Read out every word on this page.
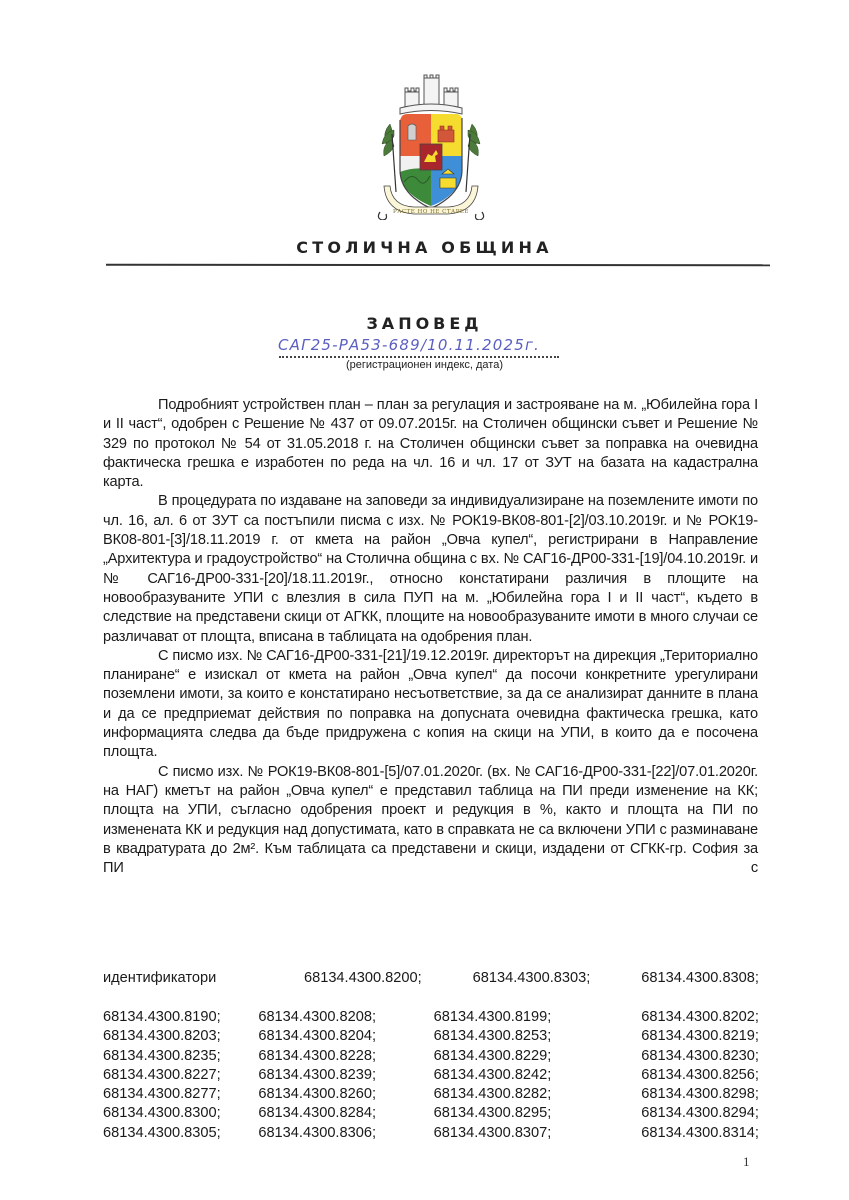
РАСТЕ НО НЕ СТАРЕЕ
СТОЛИЧНА ОБЩИНА
ЗАПОВЕД
САГ25-РА53-689/10.11.2025г.
(регистрационен индекс, дата)

Подробният устройствен план – план за регулация и застрояване на м. „Юбилейна гора I и II част“, одобрен с Решение № 437 от 09.07.2015г. на Столичен общински съвет и Решение № 329 по протокол № 54 от 31.05.2018 г. на Столичен общински съвет за поправка на очевидна фактическа грешка е изработен по реда на чл. 16 и чл. 17 от ЗУТ на базата на кадастрална карта.

В процедурата по издаване на заповеди за индивидуализиране на поземлените имоти по чл. 16, ал. 6 от ЗУТ са постъпили писма с изх. № РОК19-ВК08-801-[2]/03.10.2019г. и № РОК19-ВК08-801-[3]/18.11.2019 г. от кмета на район „Овча купел“, регистрирани в Направление „Архитектура и градоустройство“ на Столична община с вх. № САГ16-ДР00-331-[19]/04.10.2019г. и № САГ16-ДР00-331-[20]/18.11.2019г., относно констатирани различия в площите на новообразуваните УПИ с влезлия в сила ПУП на м. „Юбилейна гора I и II част“, където в следствие на представени скици от АГКК, площите на новообразуваните имоти в много случаи се различават от площта, вписана в таблицата на одобрения план.

С писмо изх. № САГ16-ДР00-331-[21]/19.12.2019г. директорът на дирекция „Териториално планиране“ е изискал от кмета на район „Овча купел“ да посочи конкретните урегулирани поземлени имоти, за които е констатирано несъответствие, за да се анализират данните в плана и да се предприемат действия по поправка на допусната очевидна фактическа грешка, като информацията следва да бъде придружена с копия на скици на УПИ, в които да е посочена площта.

С писмо изх. № РОК19-ВК08-801-[5]/07.01.2020г. (вх. № САГ16-ДР00-331-[22]/07.01.2020г. на НАГ) кметът на район „Овча купел“ е представил таблица на ПИ преди изменение на КК; площта на УПИ, съгласно одобрения проект и редукция в %, както и площта на ПИ по изменената КК и редукция над допустимата, като в справката не са включени УПИ с разминаване в квадратурата до 2м². Към таблицата са представени и скици, издадени от СГКК-гр. София за ПИ с

идентификатори	68134.4300.8200;	68134.4300.8303;	68134.4300.8308;
68134.4300.8190;	68134.4300.8208;	68134.4300.8199;	68134.4300.8202;
68134.4300.8203;	68134.4300.8204;	68134.4300.8253;	68134.4300.8219;
68134.4300.8235;	68134.4300.8228;	68134.4300.8229;	68134.4300.8230;
68134.4300.8227;	68134.4300.8239;	68134.4300.8242;	68134.4300.8256;
68134.4300.8277;	68134.4300.8260;	68134.4300.8282;	68134.4300.8298;
68134.4300.8300;	68134.4300.8284;	68134.4300.8295;	68134.4300.8294;
68134.4300.8305;	68134.4300.8306;	68134.4300.8307;	68134.4300.8314;
1
